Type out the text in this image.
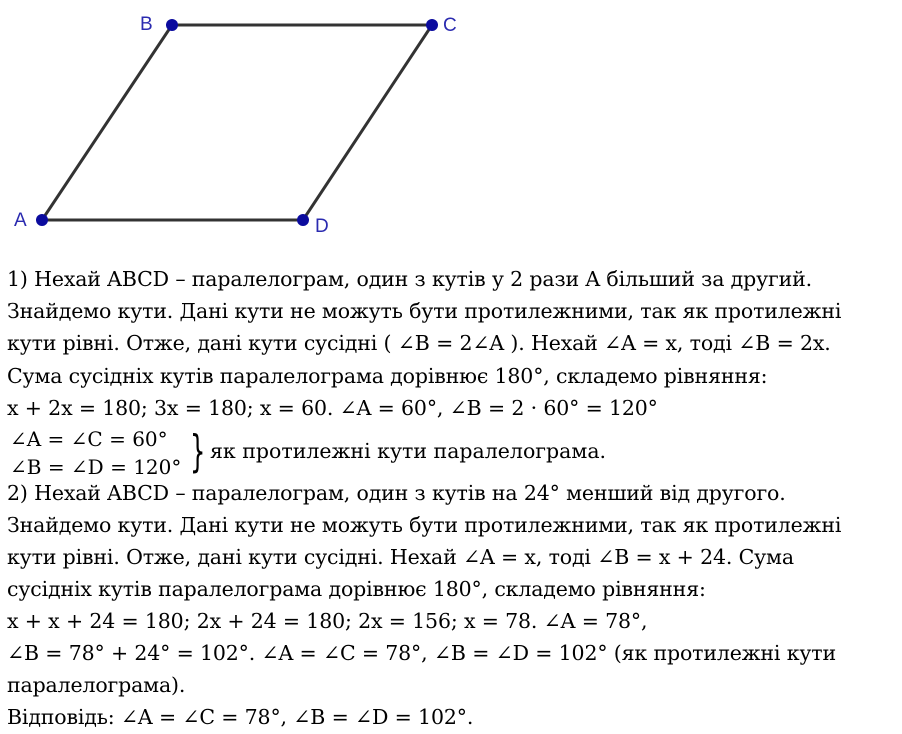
A
B	C
D
1) Нехай ABCD – паралелограм, один з кутів у 2 рази A більший за другий.
Знайдемо кути. Дані кути не можуть бути протилежними, так як протилежні
кути рівні. Отже, дані кути сусідні ( ∠B = 2∠A ). Нехай ∠A = x, тоді ∠B = 2x.
Сума сусідніх кутів паралелограма дорівнює 180°, складемо рівняння:
x + 2x = 180; 3x = 180; x = 60. ∠A = 60°, ∠B = 2 · 60° = 120°
∠A = ∠C = 60°
∠B = ∠D = 120° } як протилежні кути паралелограма.
2) Нехай ABCD – паралелограм, один з кутів на 24° менший від другого.
Знайдемо кути. Дані кути не можуть бути протилежними, так як протилежні
кути рівні. Отже, дані кути сусідні. Нехай ∠A = x, тоді ∠B = x + 24. Сума
сусідніх кутів паралелограма дорівнює 180°, складемо рівняння:
x + x + 24 = 180; 2x + 24 = 180; 2x = 156; x = 78. ∠A = 78°,
∠B = 78° + 24° = 102°. ∠A = ∠C = 78°, ∠B = ∠D = 102° (як протилежні кути
паралелограма).
Відповідь: ∠A = ∠C = 78°, ∠B = ∠D = 102°.
